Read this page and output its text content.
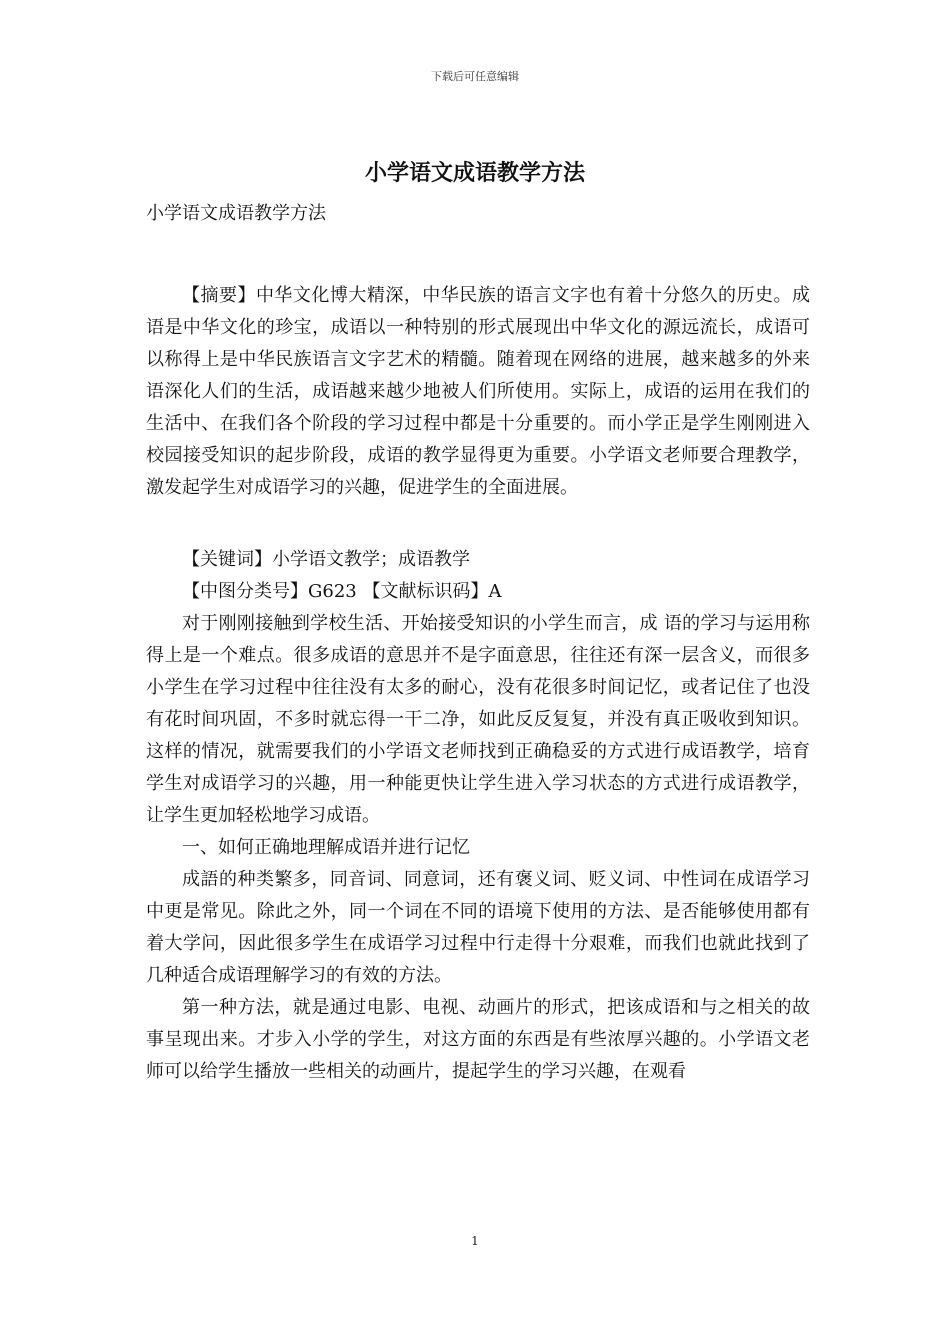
下载后可任意编辑
小学语文成语教学方法

小学语文成语教学方法

【摘要】中华文化博大精深，中华民族的语言文字也有着十分悠久的历史。成语是中华文化的珍宝，成语以一种特别的形式展现出中华文化的源远流长，成语可以称得上是中华民族语言文字艺术的精髓。随着现在网络的进展，越来越多的外来语深化人们的生活，成语越来越少地被人们所使用。实际上，成语的运用在我们的生活中、在我们各个阶段的学习过程中都是十分重要的。而小学正是学生刚刚进入校园接受知识的起步阶段，成语的教学显得更为重要。小学语文老师要合理教学，激发起学生对成语学习的兴趣，促进学生的全面进展。

【关键词】小学语文教学；成语教学

【中图分类号】G623 【文献标识码】A

对于刚刚接触到学校生活、开始接受知识的小学生而言，成 语的学习与运用称得上是一个难点。很多成语的意思并不是字面意思，往往还有深一层含义，而很多小学生在学习过程中往往没有太多的耐心，没有花很多时间记忆，或者记住了也没有花时间巩固，不多时就忘得一干二净，如此反反复复，并没有真正吸收到知识。这样的情况，就需要我们的小学语文老师找到正确稳妥的方式进行成语教学，培育学生对成语学习的兴趣，用一种能更快让学生进入学习状态的方式进行成语教学，让学生更加轻松地学习成语。

一、如何正确地理解成语并进行记忆

成語的种类繁多，同音词、同意词，还有褒义词、贬义词、中性词在成语学习中更是常见。除此之外，同一个词在不同的语境下使用的方法、是否能够使用都有着大学问，因此很多学生在成语学习过程中行走得十分艰难，而我们也就此找到了几种适合成语理解学习的有效的方法。

第一种方法，就是通过电影、电视、动画片的形式，把该成语和与之相关的故事呈现出来。才步入小学的学生，对这方面的东西是有些浓厚兴趣的。小学语文老师可以给学生播放一些相关的动画片，提起学生的学习兴趣，在观看

1
